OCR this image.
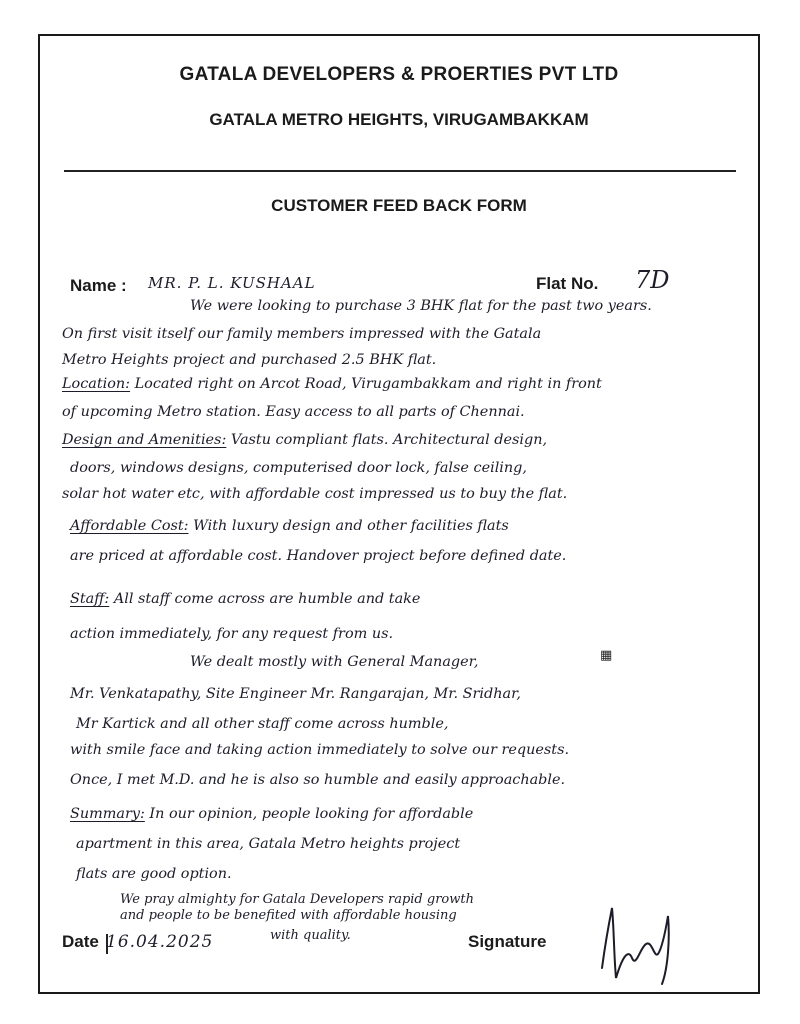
GATALA DEVELOPERS & PROERTIES PVT LTD
GATALA METRO HEIGHTS, VIRUGAMBAKKAM
CUSTOMER FEED BACK FORM
Name : MR. P. L. KUSHAAL	Flat No. 7D
We were looking to purchase 3 BHK flat for the past two years.
On first visit itself our family members impressed with the Gatala
Metro Heights project and purchased 2.5 BHK flat.
Location: Located right on Arcot Road, Virugambakkam and right in front
of upcoming Metro station. Easy access to all parts of Chennai.
Design and Amenities: Vastu compliant flats. Architectural design,
doors, windows designs, computerised door lock, false ceiling,
solar hot water etc, with affordable cost impressed us to buy the flat.
Affordable Cost: With luxury design and other facilities flats
are priced at affordable cost. Handover project before defined date.
Staff: All staff come across are humble and take
action immediately, for any request from us.
We dealt mostly with General Manager,
Mr. Venkatapathy, Site Engineer Mr. Rangarajan, Mr. Sridhar,
Mr Kartick and all other staff come across humble,
with smile face and taking action immediately to solve our requests.
Once, I met M.D. and he is also so humble and easily approachable.
Summary: In our opinion, people looking for affordable
apartment in this area, Gatala Metro heights project
flats are good option.
We pray almighty for Gatala Developers rapid growth
and people to be benefited with affordable housing
with quality.
▦
Date 16.04.2025	Signature
